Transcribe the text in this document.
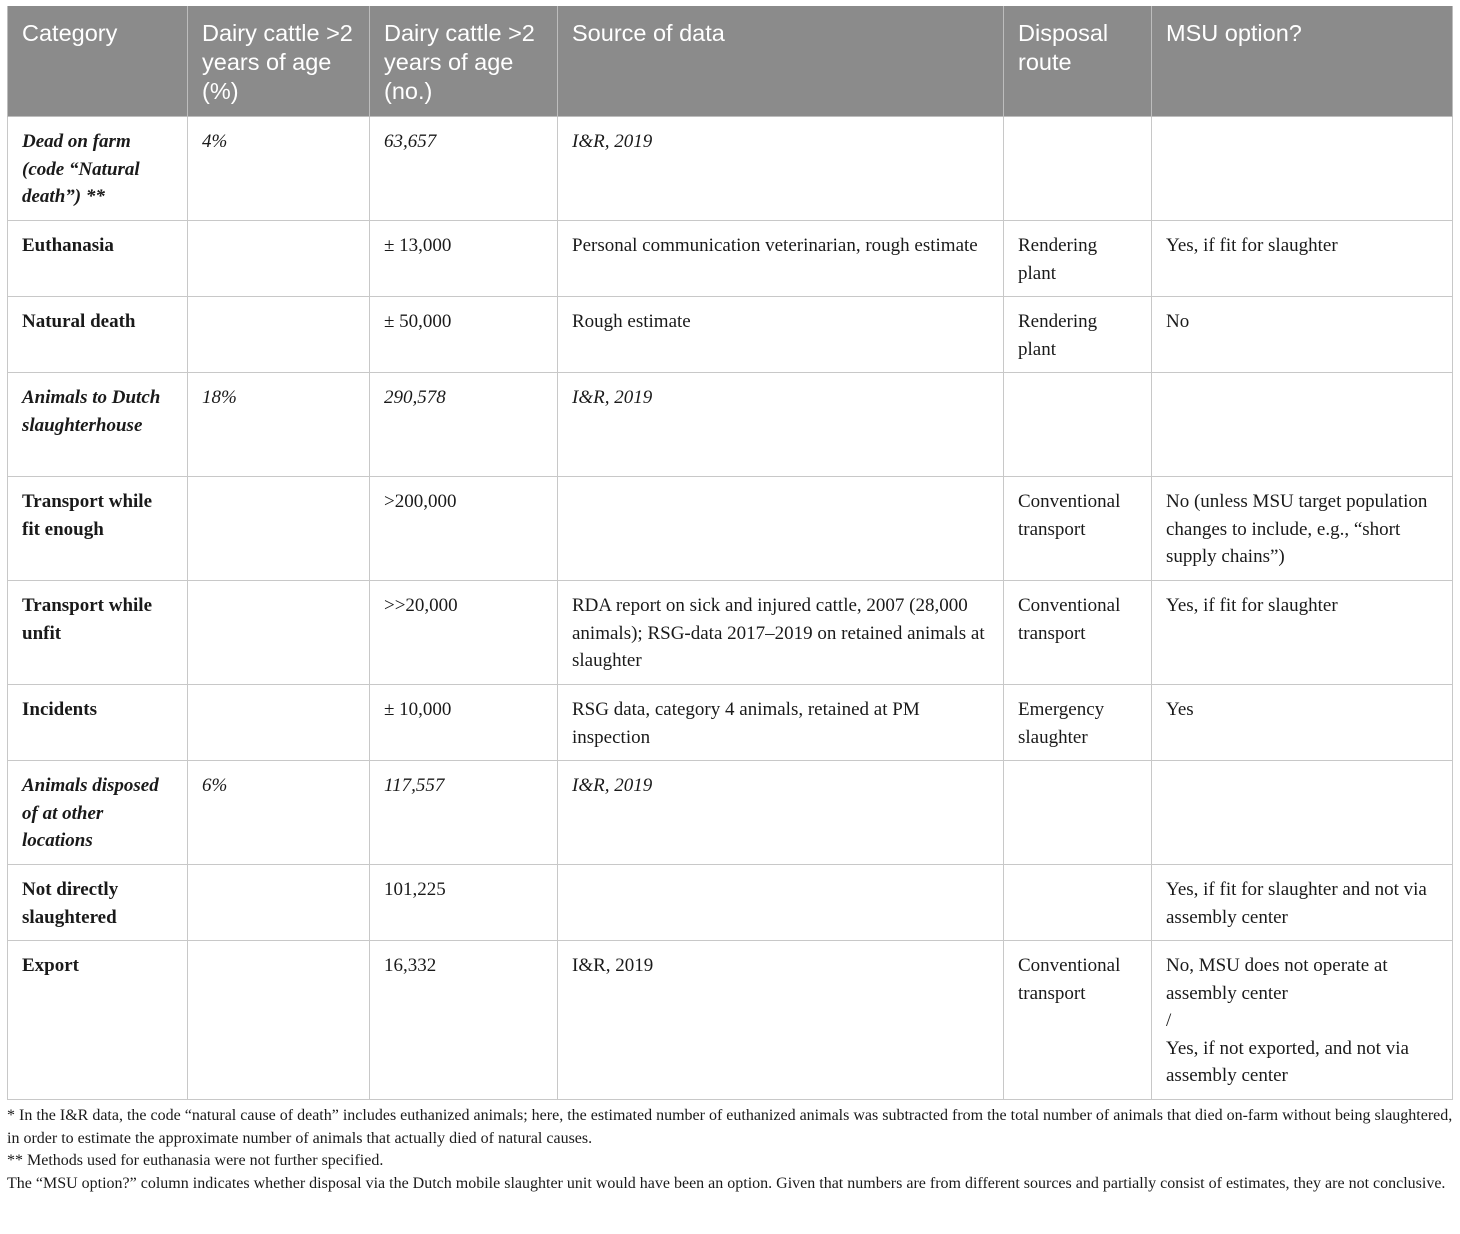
Category	Dairy cattle >2 years of age (%)	Dairy cattle >2 years of age (no.)	Source of data	Disposal route	MSU option?
Dead on farm (code “Natural death”) **	4%	63,657	I&R, 2019		
Euthanasia		± 13,000	Personal communication veterinarian, rough estimate	Rendering plant	Yes, if fit for slaughter
Natural death		± 50,000	Rough estimate	Rendering plant	No
Animals to Dutch slaughterhouse	18%	290,578	I&R, 2019		
Transport while fit enough		>200,000		Conventional transport	No (unless MSU target population changes to include, e.g., “short supply chains”)
Transport while unfit		>>20,000	RDA report on sick and injured cattle, 2007 (28,000 animals); RSG-data 2017–2019 on retained animals at slaughter	Conventional transport	Yes, if fit for slaughter
Incidents		± 10,000	RSG data, category 4 animals, retained at PM inspection	Emergency slaughter	Yes
Animals disposed of at other locations	6%	117,557	I&R, 2019		
Not directly slaughtered		101,225			Yes, if fit for slaughter and not via assembly center
Export		16,332	I&R, 2019	Conventional transport	No, MSU does not operate at assembly center
/
Yes, if not exported, and not via assembly center

* In the I&R data, the code “natural cause of death” includes euthanized animals; here, the estimated number of euthanized animals was subtracted from the total number of animals that died on-farm without being slaughtered, in order to estimate the approximate number of animals that actually died of natural causes.

** Methods used for euthanasia were not further specified.

The “MSU option?” column indicates whether disposal via the Dutch mobile slaughter unit would have been an option. Given that numbers are from different sources and partially consist of estimates, they are not conclusive.
